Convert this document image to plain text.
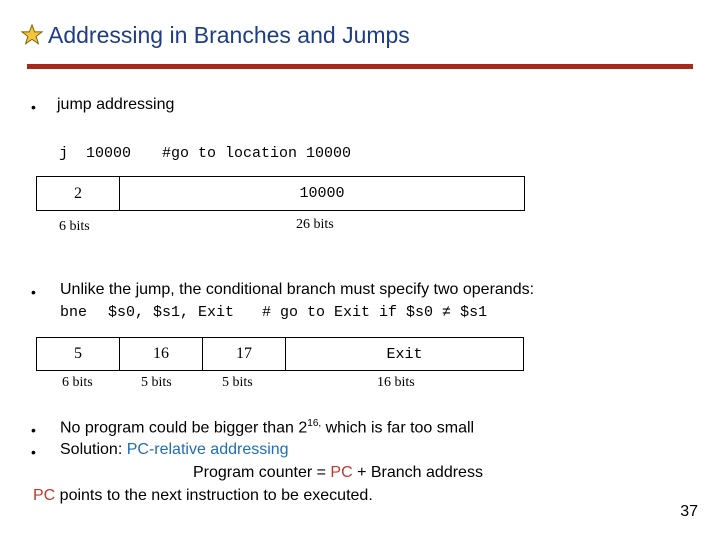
Addressing in Branches and Jumps
• jump addressing
j 10000 #go to location 10000
2	10000
6 bits	26 bits
• Unlike the jump, the conditional branch must specify two operands:
bne $s0, $s1, Exit # go to Exit if $s0 ≠ $s1
5	16	17	Exit
6 bits	5 bits	5 bits	16 bits
• No program could be bigger than $2^{16,}$ which is far too small
• Solution: PC-relative addressing
Program counter = PC + Branch address
PC points to the next instruction to be executed.
37
